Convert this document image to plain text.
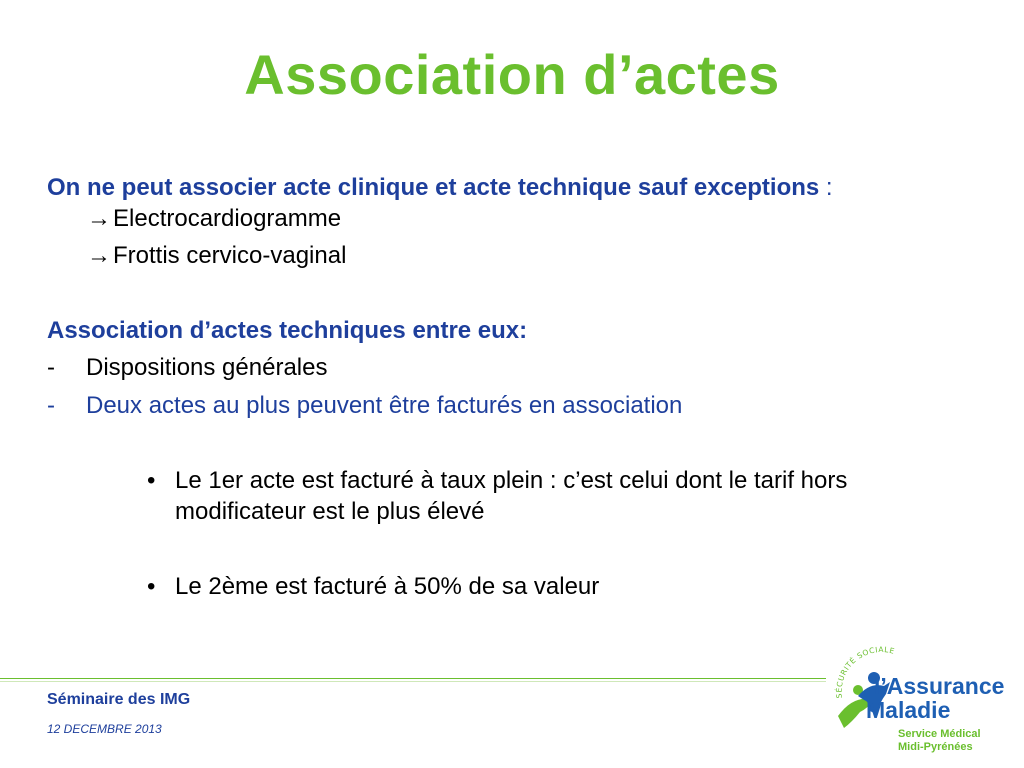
Association d’actes
On ne peut associer acte clinique et acte technique sauf exceptions :
→Electrocardiogramme
→Frottis cervico-vaginal
Association d’actes techniques entre eux:
- Dispositions générales
- Deux actes au plus peuvent être facturés en association
• Le 1er acte est facturé à taux plein : c’est celui dont le tarif hors
modificateur est le plus élevé
• Le 2ème est facturé à 50% de sa valeur
Séminaire des IMG
12 DECEMBRE 2013
SÉCURITÉ SOCIALE
l’Assurance
Maladie
Service Médical
Midi-Pyrénées
